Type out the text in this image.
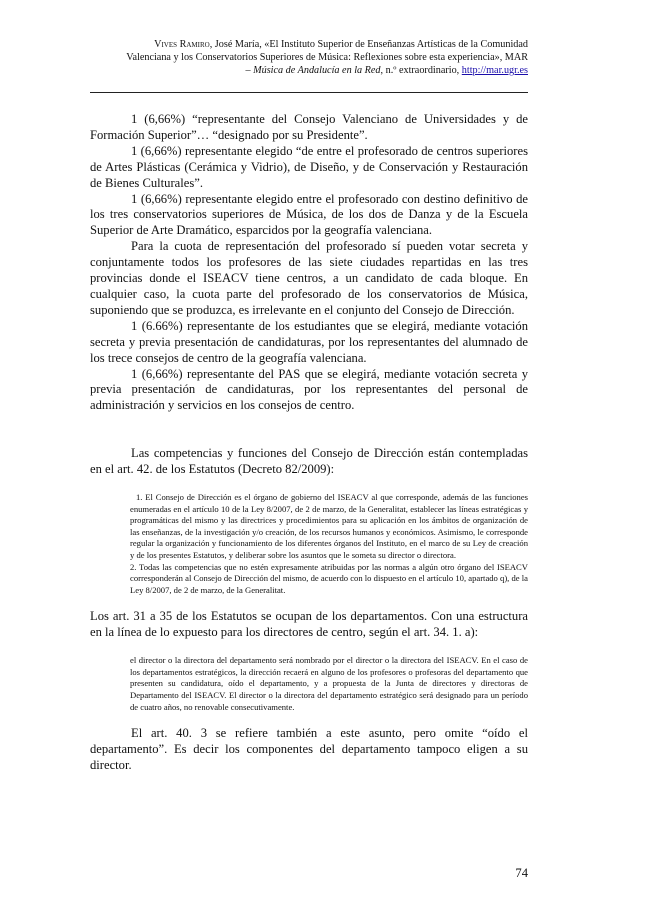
Vives Ramiro, José María, «El Instituto Superior de Enseñanzas Artísticas de la Comunidad
Valenciana y los Conservatorios Superiores de Música: Reflexiones sobre esta experiencia», MAR
– Música de Andalucía en la Red, n.º extraordinario, http://mar.ugr.es

1 (6,66%) “representante del Consejo Valenciano de Universidades y de Formación Superior”… “designado por su Presidente”.

1 (6,66%) representante elegido “de entre el profesorado de centros superiores de Artes Plásticas (Cerámica y Vidrio), de Diseño, y de Conservación y Restauración de Bienes Culturales”.

1 (6,66%) representante elegido entre el profesorado con destino definitivo de los tres conservatorios superiores de Música, de los dos de Danza y de la Escuela Superior de Arte Dramático, esparcidos por la geografía valenciana.

Para la cuota de representación del profesorado sí pueden votar secreta y conjuntamente todos los profesores de las siete ciudades repartidas en las tres provincias donde el ISEACV tiene centros, a un candidato de cada bloque. En cualquier caso, la cuota parte del profesorado de los conservatorios de Música, suponiendo que se produzca, es irrelevante en el conjunto del Consejo de Dirección.

1 (6.66%) representante de los estudiantes que se elegirá, mediante votación secreta y previa presentación de candidaturas, por los representantes del alumnado de los trece consejos de centro de la geografía valenciana.

1 (6,66%) representante del PAS que se elegirá, mediante votación secreta y previa presentación de candidaturas, por los representantes del personal de administración y servicios en los consejos de centro.

Las competencias y funciones del Consejo de Dirección están contempladas en el art. 42. de los Estatutos (Decreto 82/2009):

1. El Consejo de Dirección es el órgano de gobierno del ISEACV al que corresponde, además de las funciones enumeradas en el artículo 10 de la Ley 8/2007, de 2 de marzo, de la Generalitat, establecer las líneas estratégicas y programáticas del mismo y las directrices y procedimientos para su aplicación en los ámbitos de organización de las enseñanzas, de la investigación y/o creación, de los recursos humanos y económicos. Asimismo, le corresponde regular la organización y funcionamiento de los diferentes órganos del Instituto, en el marco de su Ley de creación y de los presentes Estatutos, y deliberar sobre los asuntos que le someta su director o directora.

2. Todas las competencias que no estén expresamente atribuidas por las normas a algún otro órgano del ISEACV corresponderán al Consejo de Dirección del mismo, de acuerdo con lo dispuesto en el artículo 10, apartado q), de la Ley 8/2007, de 2 de marzo, de la Generalitat.

Los art. 31 a 35 de los Estatutos se ocupan de los departamentos. Con una estructura en la línea de lo expuesto para los directores de centro, según el art. 34. 1. a):

el director o la directora del departamento será nombrado por el director o la directora del ISEACV. En el caso de los departamentos estratégicos, la dirección recaerá en alguno de los profesores o profesoras del departamento que presenten su candidatura, oído el departamento, y a propuesta de la Junta de directores y directoras de Departamento del ISEACV. El director o la directora del departamento estratégico será designado para un período de cuatro años, no renovable consecutivamente.

El art. 40. 3 se refiere también a este asunto, pero omite “oído el departamento”. Es decir los componentes del departamento tampoco eligen a su director.

74
